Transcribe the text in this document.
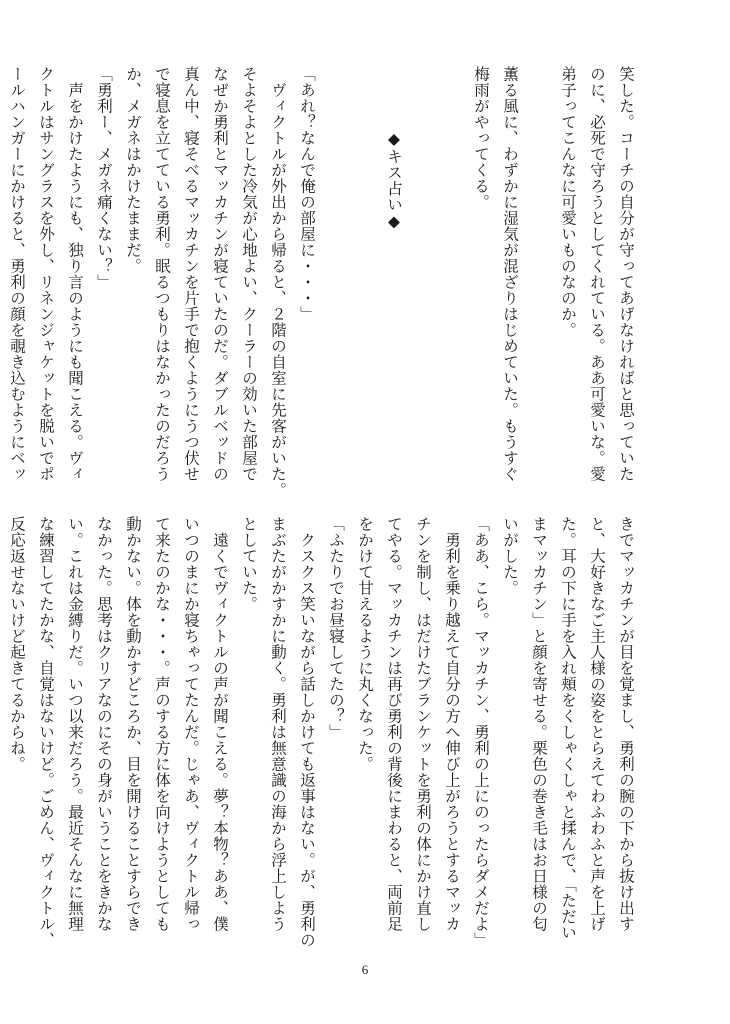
笑した。コーチの自分が守ってあげなければと思っていた
のに、必死で守ろうとしてくれている。ああ可愛いな。愛
弟子ってこんなに可愛いものなのか。
薫る風に、わずかに湿気が混ざりはじめていた。もうすぐ
梅雨がやってくる。
　　　　◆キス占い◆
「あれ？なんで俺の部屋に・・・」
　ヴィクトルが外出から帰ると、２階の自室に先客がいた。
そよそよとした冷気が心地よい、クーラーの効いた部屋で
なぜか勇利とマッカチンが寝ていたのだ。ダブルベッドの
真ん中、寝そべるマッカチンを片手で抱くようにうつ伏せ
で寝息を立てている勇利。眠るつもりはなかったのだろう
か、メガネはかけたままだ。
「勇利ー、メガネ痛くない？」
　声をかけたようにも、独り言のようにも聞こえる。ヴィ
クトルはサングラスを外し、リネンジャケットを脱いでポ
ールハンガーにかけると、勇利の顔を覗き込むようにベッ
きでマッカチンが目を覚まし、勇利の腕の下から抜け出す
と、大好きなご主人様の姿をとらえてわふわふと声を上げ
た。耳の下に手を入れ頬をくしゃくしゃと揉んで、「ただい
まマッカチン」と顔を寄せる。栗色の巻き毛はお日様の匂
いがした。
「ああ、こら。マッカチン、勇利の上にのったらダメだよ」
　勇利を乗り越えて自分の方へ伸び上がろうとするマッカ
チンを制し、はだけたブランケットを勇利の体にかけ直し
てやる。マッカチンは再び勇利の背後にまわると、両前足
をかけて甘えるように丸くなった。
「ふたりでお昼寝してたの？」
　クスクス笑いながら話しかけても返事はない。が、勇利の
まぶたがかすかに動く。勇利は無意識の海から浮上しよう
としていた。
　遠くでヴィクトルの声が聞こえる。夢？本物？ああ、僕
いつのまにか寝ちゃってたんだ。じゃあ、ヴィクトル帰っ
て来たのかな・・・。声のする方に体を向けようとしても
動かない。体を動かすどころか、目を開けることすらでき
なかった。思考はクリアなのにその身がいうことをきかな
い。これは金縛りだ。いつ以来だろう。最近そんなに無理
な練習してたかな、自覚はないけど。ごめん、ヴィクトル、
反応返せないけど起きてるからね。
6
